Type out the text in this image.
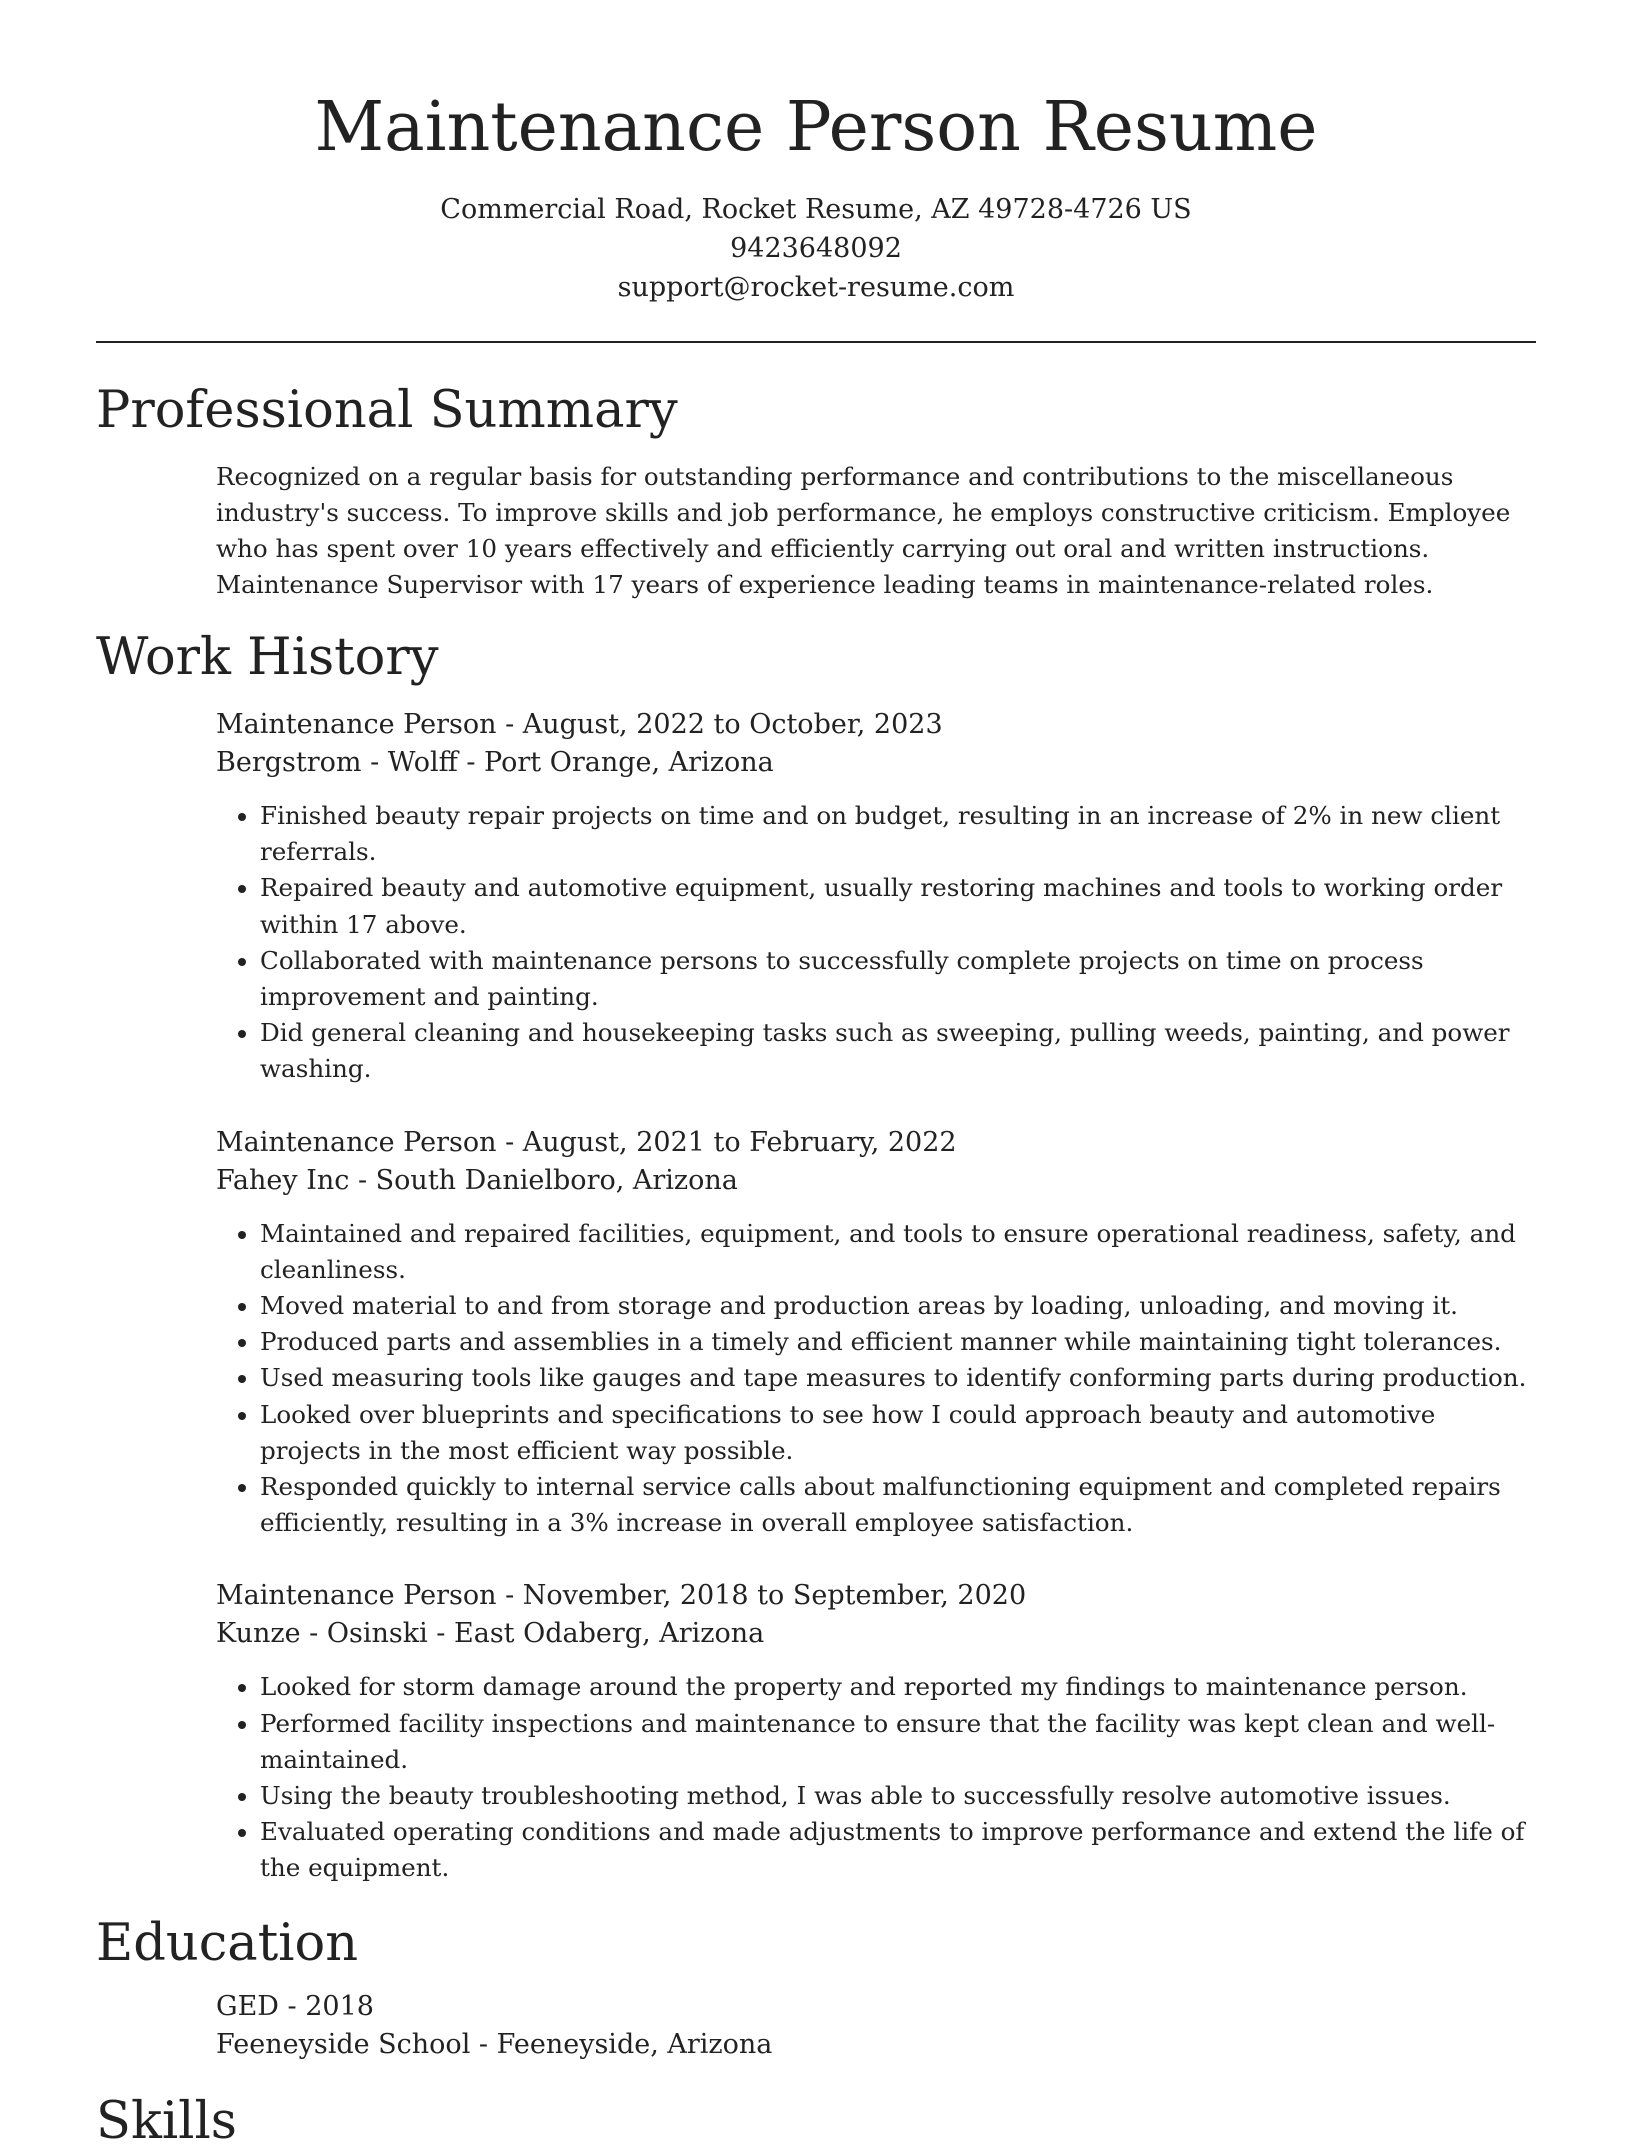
Maintenance Person Resume
Commercial Road, Rocket Resume, AZ 49728-4726 US
9423648092
support@rocket-resume.com
Professional Summary
Recognized on a regular basis for outstanding performance and contributions to the miscellaneous industry's success. To improve skills and job performance, he employs constructive criticism. Employee who has spent over 10 years effectively and efficiently carrying out oral and written instructions. Maintenance Supervisor with 17 years of experience leading teams in maintenance-related roles.
Work History
Maintenance Person - August, 2022 to October, 2023
Bergstrom - Wolff - Port Orange, Arizona
• Finished beauty repair projects on time and on budget, resulting in an increase of 2% in new client referrals.
• Repaired beauty and automotive equipment, usually restoring machines and tools to working order within 17 above.
• Collaborated with maintenance persons to successfully complete projects on time on process improvement and painting.
• Did general cleaning and housekeeping tasks such as sweeping, pulling weeds, painting, and power washing.
Maintenance Person - August, 2021 to February, 2022
Fahey Inc - South Danielboro, Arizona
• Maintained and repaired facilities, equipment, and tools to ensure operational readiness, safety, and cleanliness.
• Moved material to and from storage and production areas by loading, unloading, and moving it.
• Produced parts and assemblies in a timely and efficient manner while maintaining tight tolerances.
• Used measuring tools like gauges and tape measures to identify conforming parts during production.
• Looked over blueprints and specifications to see how I could approach beauty and automotive projects in the most efficient way possible.
• Responded quickly to internal service calls about malfunctioning equipment and completed repairs efficiently, resulting in a 3% increase in overall employee satisfaction.
Maintenance Person - November, 2018 to September, 2020
Kunze - Osinski - East Odaberg, Arizona
• Looked for storm damage around the property and reported my findings to maintenance person.
• Performed facility inspections and maintenance to ensure that the facility was kept clean and well-maintained.
• Using the beauty troubleshooting method, I was able to successfully resolve automotive issues.
• Evaluated operating conditions and made adjustments to improve performance and extend the life of the equipment.
Education
GED - 2018
Feeneyside School - Feeneyside, Arizona
Skills
